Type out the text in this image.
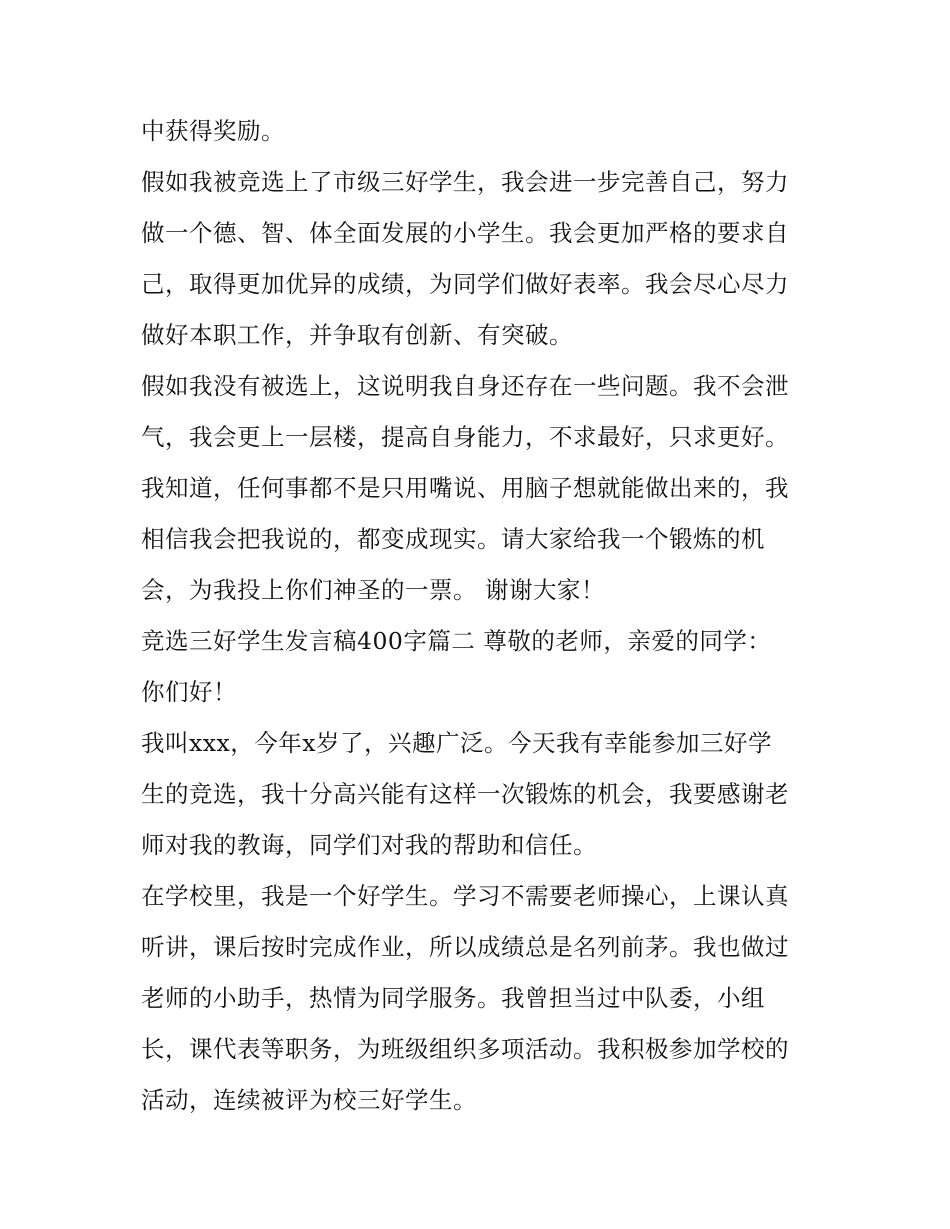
中获得奖励。
假如我被竞选上了市级三好学生，我会进一步完善自己，努力
做一个德、智、体全面发展的小学生。我会更加严格的要求自
己，取得更加优异的成绩，为同学们做好表率。我会尽心尽力
做好本职工作，并争取有创新、有突破。
假如我没有被选上，这说明我自身还存在一些问题。我不会泄
气，我会更上一层楼，提高自身能力，不求最好，只求更好。
我知道，任何事都不是只用嘴说、用脑子想就能做出来的，我
相信我会把我说的，都变成现实。请大家给我一个锻炼的机
会，为我投上你们神圣的一票。 谢谢大家！
竞选三好学生发言稿400字篇二 尊敬的老师，亲爱的同学：
你们好！
我叫xxx，今年x岁了，兴趣广泛。今天我有幸能参加三好学
生的竞选，我十分高兴能有这样一次锻炼的机会，我要感谢老
师对我的教诲，同学们对我的帮助和信任。
在学校里，我是一个好学生。学习不需要老师操心，上课认真
听讲，课后按时完成作业，所以成绩总是名列前茅。我也做过
老师的小助手，热情为同学服务。我曾担当过中队委，小组
长，课代表等职务，为班级组织多项活动。我积极参加学校的
活动，连续被评为校三好学生。
